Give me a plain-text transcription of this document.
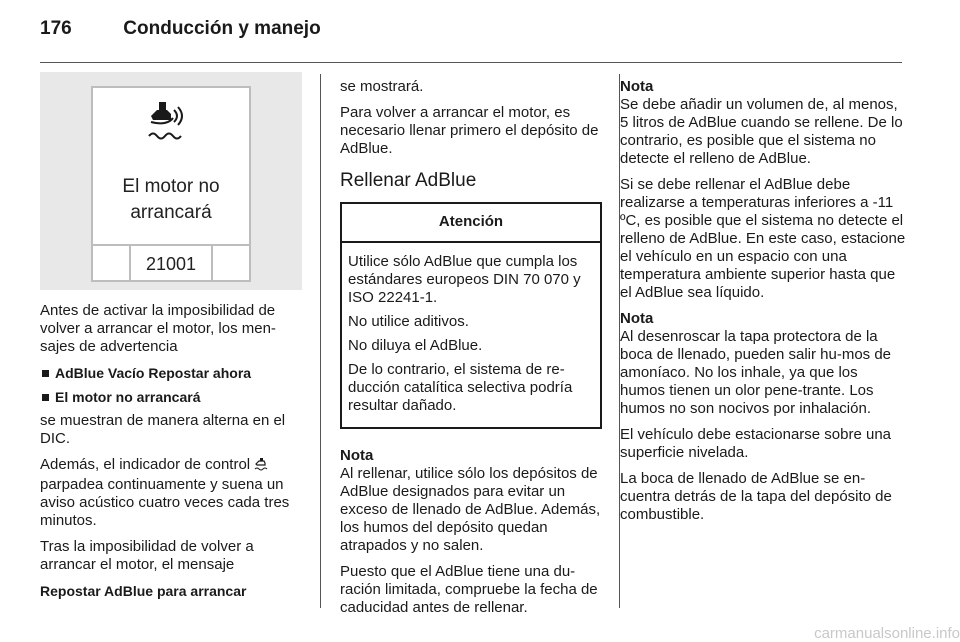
176	Conducción y manejo
El motor no
arrancará
21001

Antes de activar la imposibilidad de volver a arrancar el motor, los men-sajes de advertencia

AdBlue Vacío Repostar ahora
El motor no arrancará

se muestran de manera alterna en el DIC.

Además, el indicador de control  parpadea continuamente y suena un aviso acústico cuatro veces cada tres minutos.

Tras la imposibilidad de volver a arrancar el motor, el mensaje

Repostar AdBlue para arrancar

se mostrará.

Para volver a arrancar el motor, es necesario llenar primero el depósito de AdBlue.

Rellenar AdBlue
Atención

Utilice sólo AdBlue que cumpla los estándares europeos DIN 70 070 y ISO 22241-1.

No utilice aditivos.

No diluya el AdBlue.

De lo contrario, el sistema de re-ducción catalítica selectiva podría resultar dañado.

Nota

Al rellenar, utilice sólo los depósitos de AdBlue designados para evitar un exceso de llenado de AdBlue. Además, los humos del depósito quedan atrapados y no salen.

Puesto que el AdBlue tiene una du-ración limitada, compruebe la fecha de caducidad antes de rellenar.

Nota

Se debe añadir un volumen de, al menos, 5 litros de AdBlue cuando se rellene. De lo contrario, es posible que el sistema no detecte el relleno de AdBlue.

Si se debe rellenar el AdBlue debe realizarse a temperaturas inferiores a -11 ºC, es posible que el sistema no detecte el relleno de AdBlue. En este caso, estacione el vehículo en un espacio con una temperatura ambiente superior hasta que el AdBlue sea líquido.

Nota

Al desenroscar la tapa protectora de la boca de llenado, pueden salir hu-mos de amoníaco. No los inhale, ya que los humos tienen un olor pene-trante. Los humos no son nocivos por inhalación.

El vehículo debe estacionarse sobre una superficie nivelada.

La boca de llenado de AdBlue se en-cuentra detrás de la tapa del depósito de combustible.

carmanualsonline.info
